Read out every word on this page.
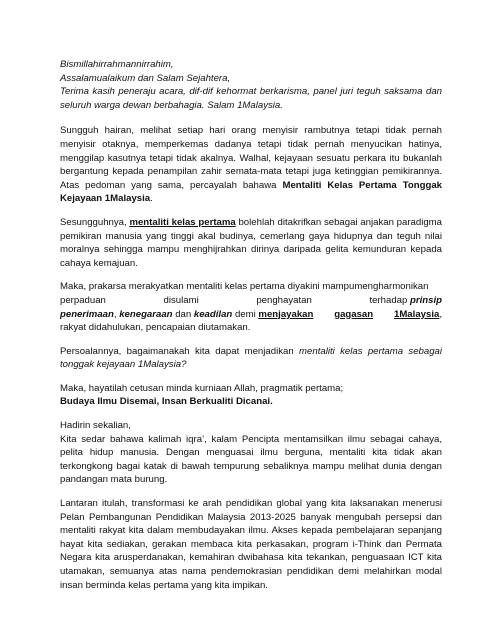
Bismillahirrahmannirrahim,
Assalamualaikum dan Salam Sejahtera,
Terima kasih peneraju acara, dif-dif kehormat berkarisma, panel juri teguh saksama dan seluruh warga dewan berbahagia. Salam 1Malaysia.

Sungguh hairan, melihat setiap hari orang menyisir rambutnya tetapi tidak pernah menyisir otaknya, memperkemas dadanya tetapi tidak pernah menyucikan hatinya, menggilap kasutnya tetapi tidak akalnya. Walhal, kejayaan sesuatu perkara itu bukanlah bergantung kepada penampilan zahir semata-mata tetapi juga ketinggian pemikirannya. Atas pedoman yang sama, percayalah bahawa Mentaliti Kelas Pertama Tonggak Kejayaan 1Malaysia.

Sesungguhnya, mentaliti kelas pertama bolehlah ditakrifkan sebagai anjakan paradigma pemikiran manusia yang tinggi akal budinya, cemerlang gaya hidupnya dan teguh nilai moralnya sehingga mampu menghijrahkan dirinya daripada gelita kemunduran kepada cahaya kemajuan.

Maka, prakarsa merakyatkan mentaliti kelas pertama diyakini mampumengharmonikan
perpaduan	disulami	penghayatan	terhadap prinsip
penerimaan, kenegaraan dan keadilan demi menjayakan gagasan 1Malaysia,
rakyat didahulukan, pencapaian diutamakan.

Persoalannya, bagaimanakah kita dapat menjadikan mentaliti kelas pertama sebagai tonggak kejayaan 1Malaysia?

Maka, hayatilah cetusan minda kurniaan Allah, pragmatik pertama;
Budaya Ilmu Disemai, Insan Berkualiti Dicanai.

Hadirin sekalian,
Kita sedar bahawa kalimah iqra’, kalam Pencipta mentamsilkan ilmu sebagai cahaya, pelita hidup manusia. Dengan menguasai ilmu berguna, mentaliti kita tidak akan terkongkong bagai katak di bawah tempurung sebaliknya mampu melihat dunia dengan pandangan mata burung.

Lantaran itulah, transformasi ke arah pendidikan global yang kita laksanakan menerusi Pelan Pembangunan Pendidikan Malaysia 2013-2025 banyak mengubah persepsi dan mentaliti rakyat kita dalam membudayakan ilmu. Akses kepada pembelajaran sepanjang hayat kita sediakan, gerakan membaca kita perkasakan, program i-Think dan Permata Negara kita arusperdanakan, kemahiran dwibahasa kita tekankan, penguasaan ICT kita utamakan, semuanya atas nama pendemokrasian pendidikan demi melahirkan modal insan berminda kelas pertama yang kita impikan.
